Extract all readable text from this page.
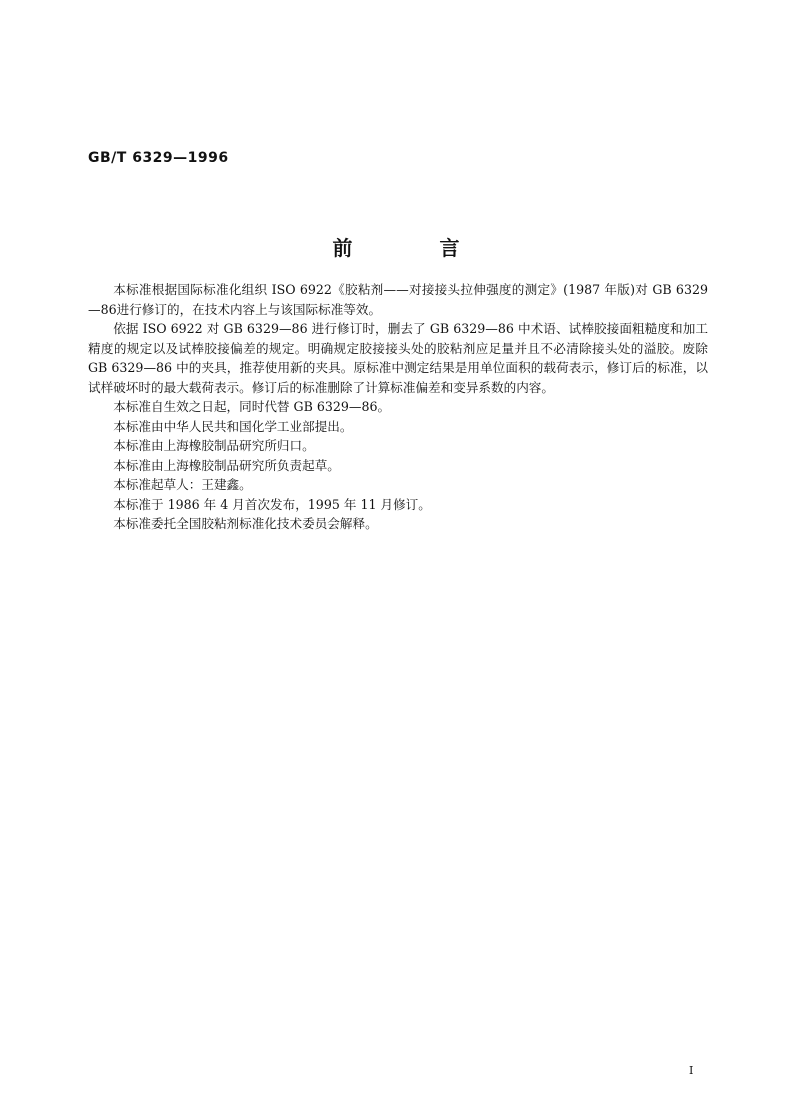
GB/T 6329—1996
前 言

本标准根据国际标准化组织 ISO 6922《胶粘剂——对接接头拉伸强度的测定》(1987 年版)对 GB 6329—86进行修订的，在技术内容上与该国际标准等效。

依据 ISO 6922 对 GB 6329—86 进行修订时，删去了 GB 6329—86 中术语、试棒胶接面粗糙度和加工精度的规定以及试棒胶接偏差的规定。明确规定胶接接头处的胶粘剂应足量并且不必清除接头处的溢胶。废除 GB 6329—86 中的夹具，推荐使用新的夹具。原标准中测定结果是用单位面积的载荷表示，修订后的标准，以试样破坏时的最大载荷表示。修订后的标准删除了计算标准偏差和变异系数的内容。

本标准自生效之日起，同时代替 GB 6329—86。

本标准由中华人民共和国化学工业部提出。

本标准由上海橡胶制品研究所归口。

本标准由上海橡胶制品研究所负责起草。

本标准起草人：王建鑫。

本标准于 1986 年 4 月首次发布，1995 年 11 月修订。

本标准委托全国胶粘剂标准化技术委员会解释。

I
